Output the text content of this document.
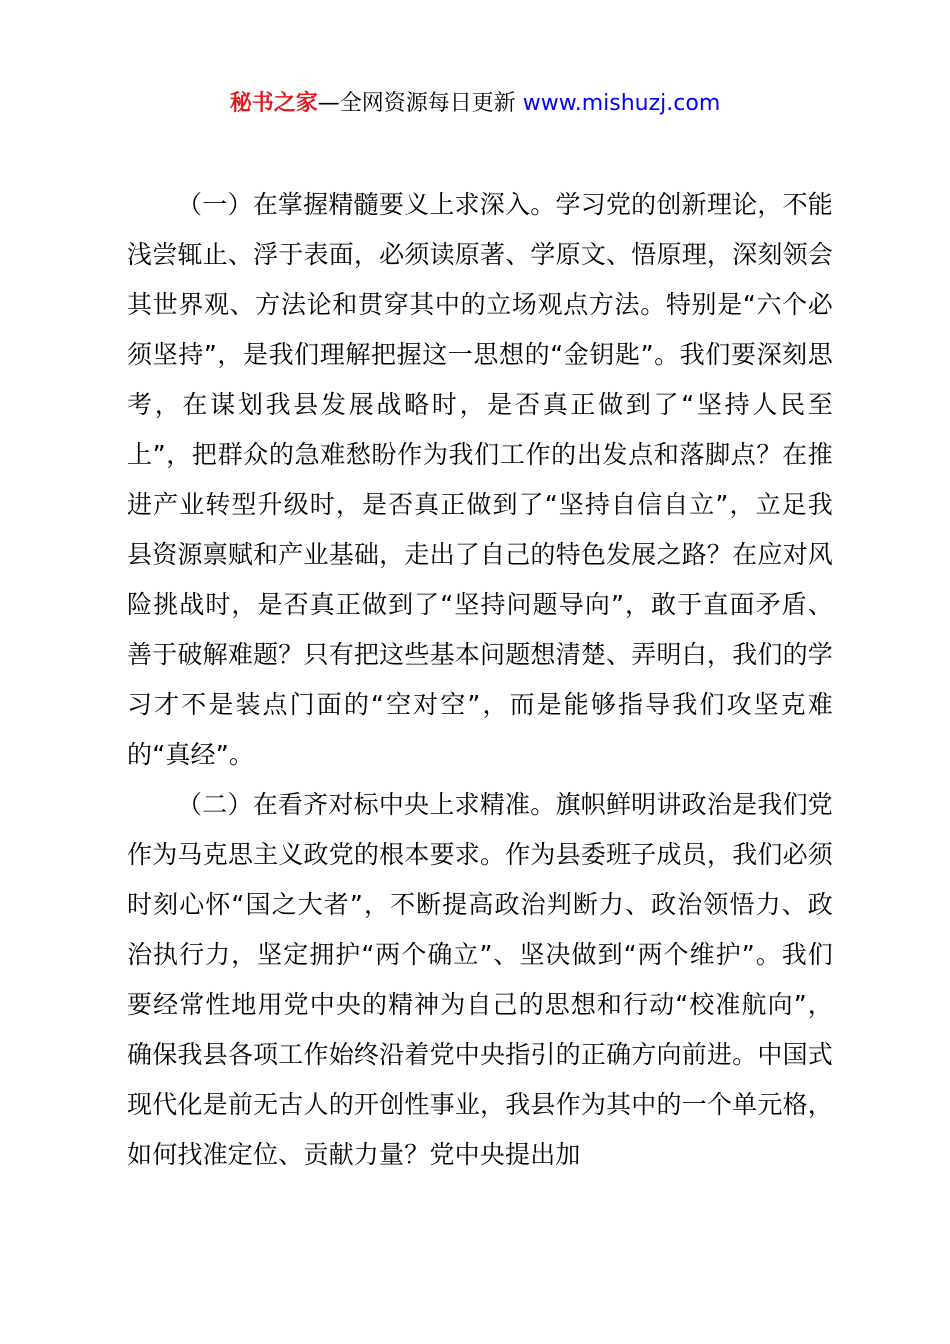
秘书之家—全网资源每日更新 www.mishuzj.com

（一）在掌握精髓要义上求深入。学习党的创新理论，不能浅尝辄止、浮于表面，必须读原著、学原文、悟原理，深刻领会其世界观、方法论和贯穿其中的立场观点方法。特别是“六个必须坚持”，是我们理解把握这一思想的“金钥匙”。我们要深刻思考，在谋划我县发展战略时，是否真正做到了“坚持人民至上”，把群众的急难愁盼作为我们工作的出发点和落脚点？在推进产业转型升级时，是否真正做到了“坚持自信自立”，立足我县资源禀赋和产业基础，走出了自己的特色发展之路？在应对风险挑战时，是否真正做到了“坚持问题导向”，敢于直面矛盾、善于破解难题？只有把这些基本问题想清楚、弄明白，我们的学习才不是装点门面的“空对空”，而是能够指导我们攻坚克难的“真经”。

（二）在看齐对标中央上求精准。旗帜鲜明讲政治是我们党作为马克思主义政党的根本要求。作为县委班子成员，我们必须时刻心怀“国之大者”，不断提高政治判断力、政治领悟力、政治执行力，坚定拥护“两个确立”、坚决做到“两个维护”。我们要经常性地用党中央的精神为自己的思想和行动“校准航向”，确保我县各项工作始终沿着党中央指引的正确方向前进。中国式现代化是前无古人的开创性事业，我县作为其中的一个单元格，如何找准定位、贡献力量？党中央提出加
